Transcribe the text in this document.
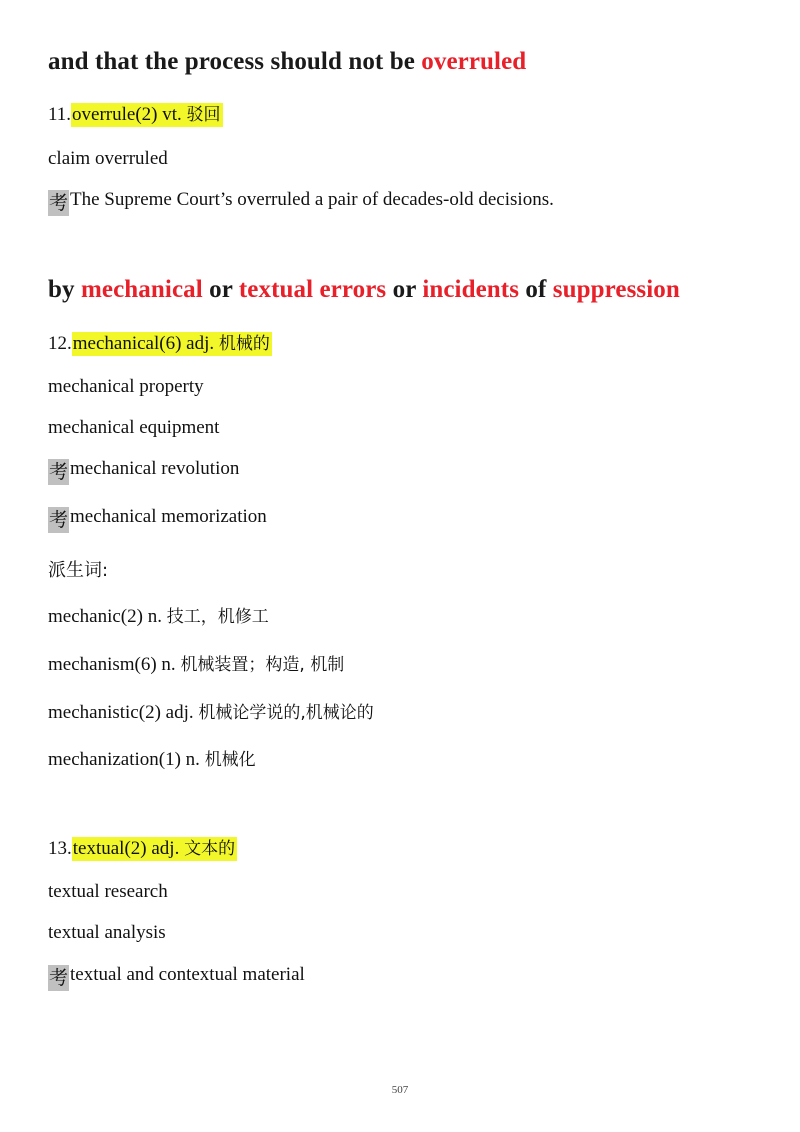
and that the process should not be overruled
11.overrule(2) vt. 驳回
claim overruled
考 The Supreme Court’s overruled a pair of decades-old decisions.
by mechanical or textual errors or incidents of suppression
12.mechanical(6) adj. 机械的
mechanical property
mechanical equipment
考 mechanical revolution
考 mechanical memorization
派生词:
mechanic(2) n. 技工，机修工
mechanism(6) n. 机械装置；构造, 机制
mechanistic(2) adj. 机械论学说的,机械论的
mechanization(1) n. 机械化
13.textual(2) adj. 文本的
textual research
textual analysis
考 textual and contextual material
507
